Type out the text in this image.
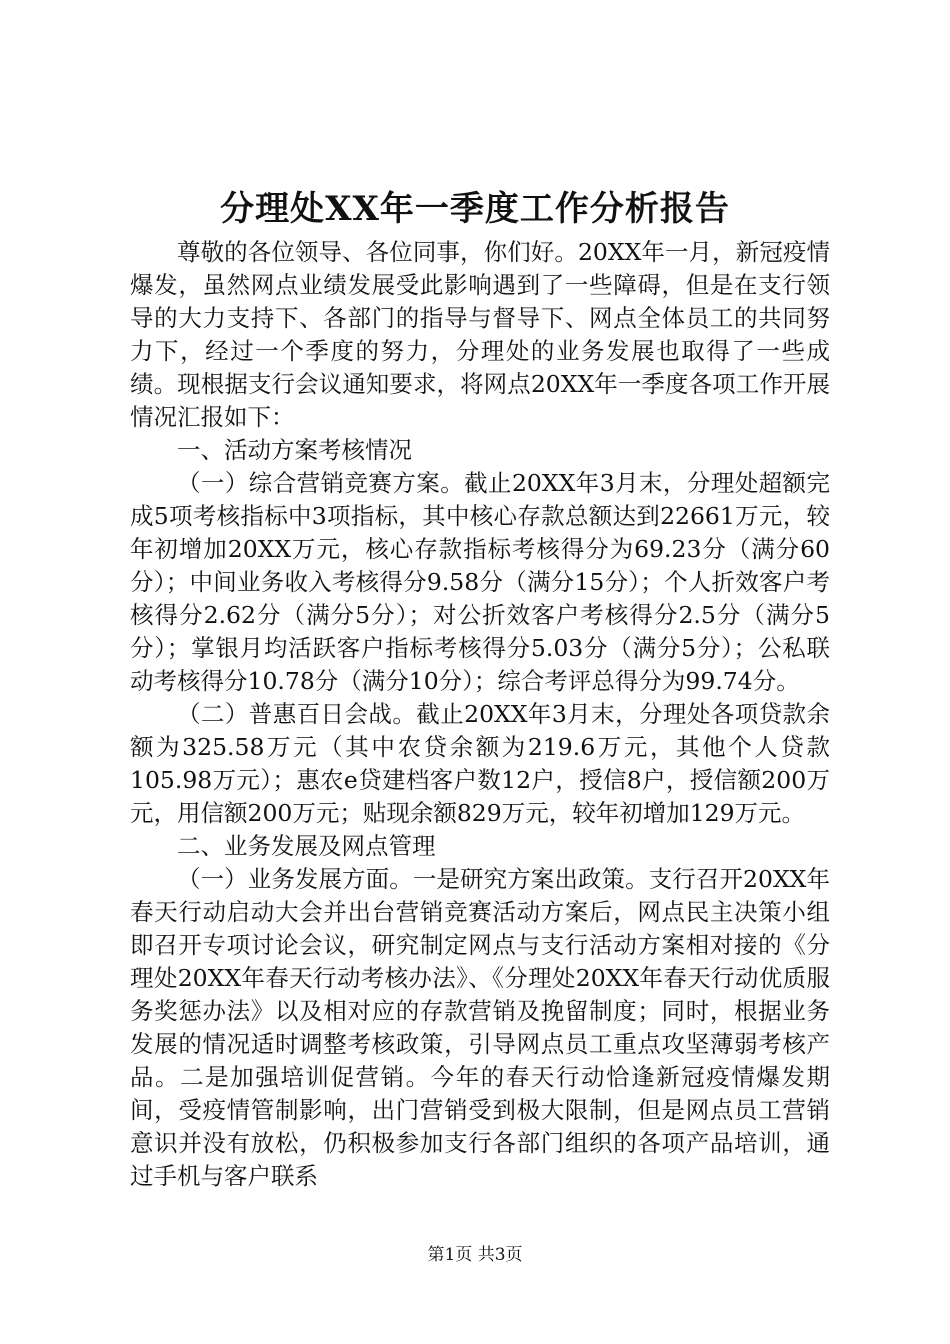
分理处XX年一季度工作分析报告

尊敬的各位领导、各位同事，你们好。20XX年一月，新冠疫情爆发，虽然网点业绩发展受此影响遇到了一些障碍，但是在支行领导的大力支持下、各部门的指导与督导下、网点全体员工的共同努力下，经过一个季度的努力，分理处的业务发展也取得了一些成绩。现根据支行会议通知要求，将网点20XX年一季度各项工作开展情况汇报如下：

一、活动方案考核情况

（一）综合营销竞赛方案。截止20XX年3月末，分理处超额完成5项考核指标中3项指标，其中核心存款总额达到22661万元，较年初增加20XX万元，核心存款指标考核得分为69.23分（满分60分）；中间业务收入考核得分9.58分（满分15分）；个人折效客户考核得分2.62分（满分5分）；对公折效客户考核得分2.5分（满分5分）；掌银月均活跃客户指标考核得分5.03分（满分5分）；公私联动考核得分10.78分（满分10分）；综合考评总得分为99.74分。

（二）普惠百日会战。截止20XX年3月末，分理处各项贷款余额为325.58万元（其中农贷余额为219.6万元，其他个人贷款105.98万元）；惠农e贷建档客户数12户，授信8户，授信额200万元，用信额200万元；贴现余额829万元，较年初增加129万元。

二、业务发展及网点管理

（一）业务发展方面。一是研究方案出政策。支行召开20XX年春天行动启动大会并出台营销竞赛活动方案后，网点民主决策小组即召开专项讨论会议，研究制定网点与支行活动方案相对接的《分理处20XX年春天行动考核办法》、《分理处20XX年春天行动优质服务奖惩办法》以及相对应的存款营销及挽留制度；同时，根据业务发展的情况适时调整考核政策，引导网点员工重点攻坚薄弱考核产品。二是加强培训促营销。今年的春天行动恰逢新冠疫情爆发期间，受疫情管制影响，出门营销受到极大限制，但是网点员工营销意识并没有放松，仍积极参加支行各部门组织的各项产品培训，通过手机与客户联系

第1页 共3页
